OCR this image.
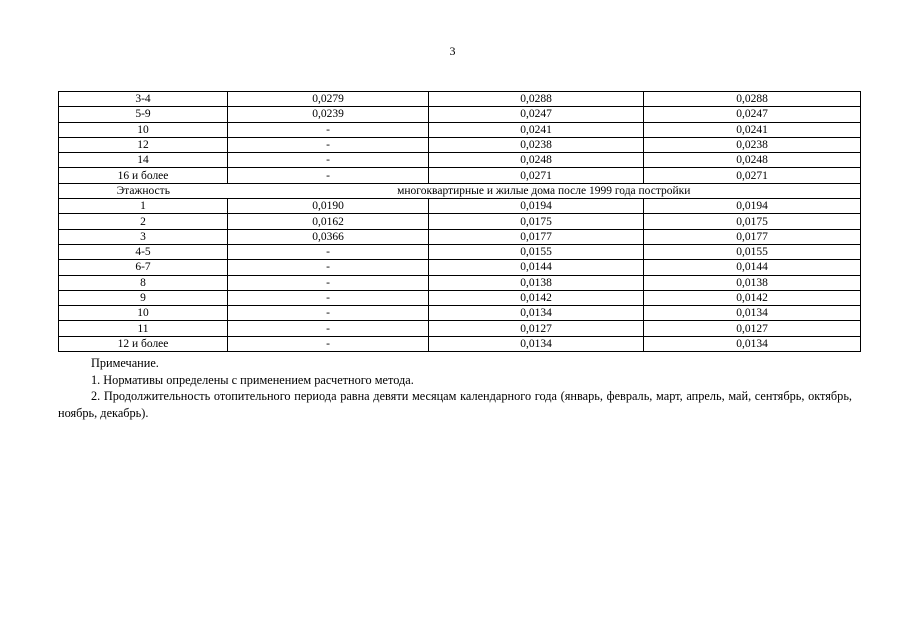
3
3-4	0,0279	0,0288	0,0288
5-9	0,0239	0,0247	0,0247
10	-	0,0241	0,0241
12	-	0,0238	0,0238
14	-	0,0248	0,0248
16 и более	-	0,0271	0,0271
Этажность	многоквартирные и жилые дома после 1999 года постройки		
1	0,0190	0,0194	0,0194
2	0,0162	0,0175	0,0175
3	0,0366	0,0177	0,0177
4-5	-	0,0155	0,0155
6-7	-	0,0144	0,0144
8	-	0,0138	0,0138
9	-	0,0142	0,0142
10	-	0,0134	0,0134
11	-	0,0127	0,0127
12 и более	-	0,0134	0,0134

Примечание.

1. Нормативы определены с применением расчетного метода.

2. Продолжительность отопительного периода равна девяти месяцам календарного года (январь, февраль, март, апрель, май, сентябрь, октябрь, ноябрь, декабрь).
